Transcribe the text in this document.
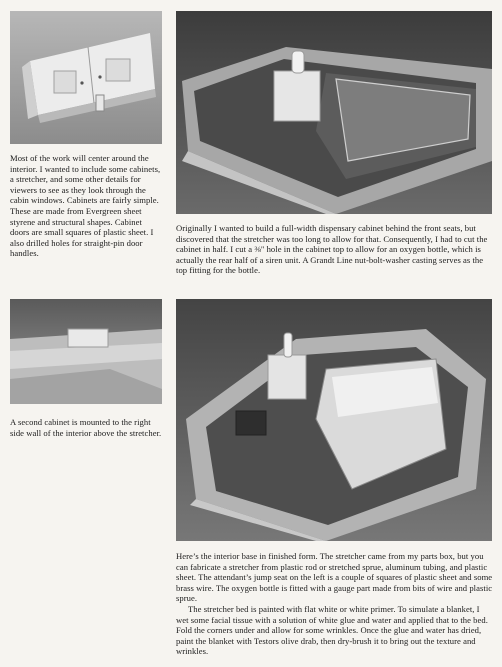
Most of the work will center around the interior. I wanted to include some cabinets, a stretcher, and some other details for viewers to see as they look through the cabin windows. Cabinets are fairly simple. These are made from Evergreen sheet styrene and structural shapes. Cabinet doors are small squares of plastic sheet. I also drilled holes for straight-pin door handles.

Originally I wanted to build a full-width dispensary cabinet behind the front seats, but discovered that the stretcher was too long to allow for that. Consequently, I had to cut the cabinet in half. I cut a ⅜" hole in the cabinet top to allow for an oxygen bottle, which is actually the rear half of a siren unit. A Grandt Line nut-bolt-washer casting serves as the top fitting for the bottle.

A second cabinet is mounted to the right side wall of the interior above the stretcher.

Here’s the interior base in finished form. The stretcher came from my parts box, but you can fabricate a stretcher from plastic rod or stretched sprue, aluminum tubing, and plastic sheet. The attendant’s jump seat on the left is a couple of squares of plastic sheet and some brass wire. The oxygen bottle is fitted with a gauge part made from bits of wire and plastic sprue.

The stretcher bed is painted with flat white or white primer. To simulate a blanket, I wet some facial tissue with a solution of white glue and water and applied that to the bed. Fold the corners under and allow for some wrinkles. Once the glue and water has dried, paint the blanket with Testors olive drab, then dry-brush it to bring out the texture and wrinkles.
